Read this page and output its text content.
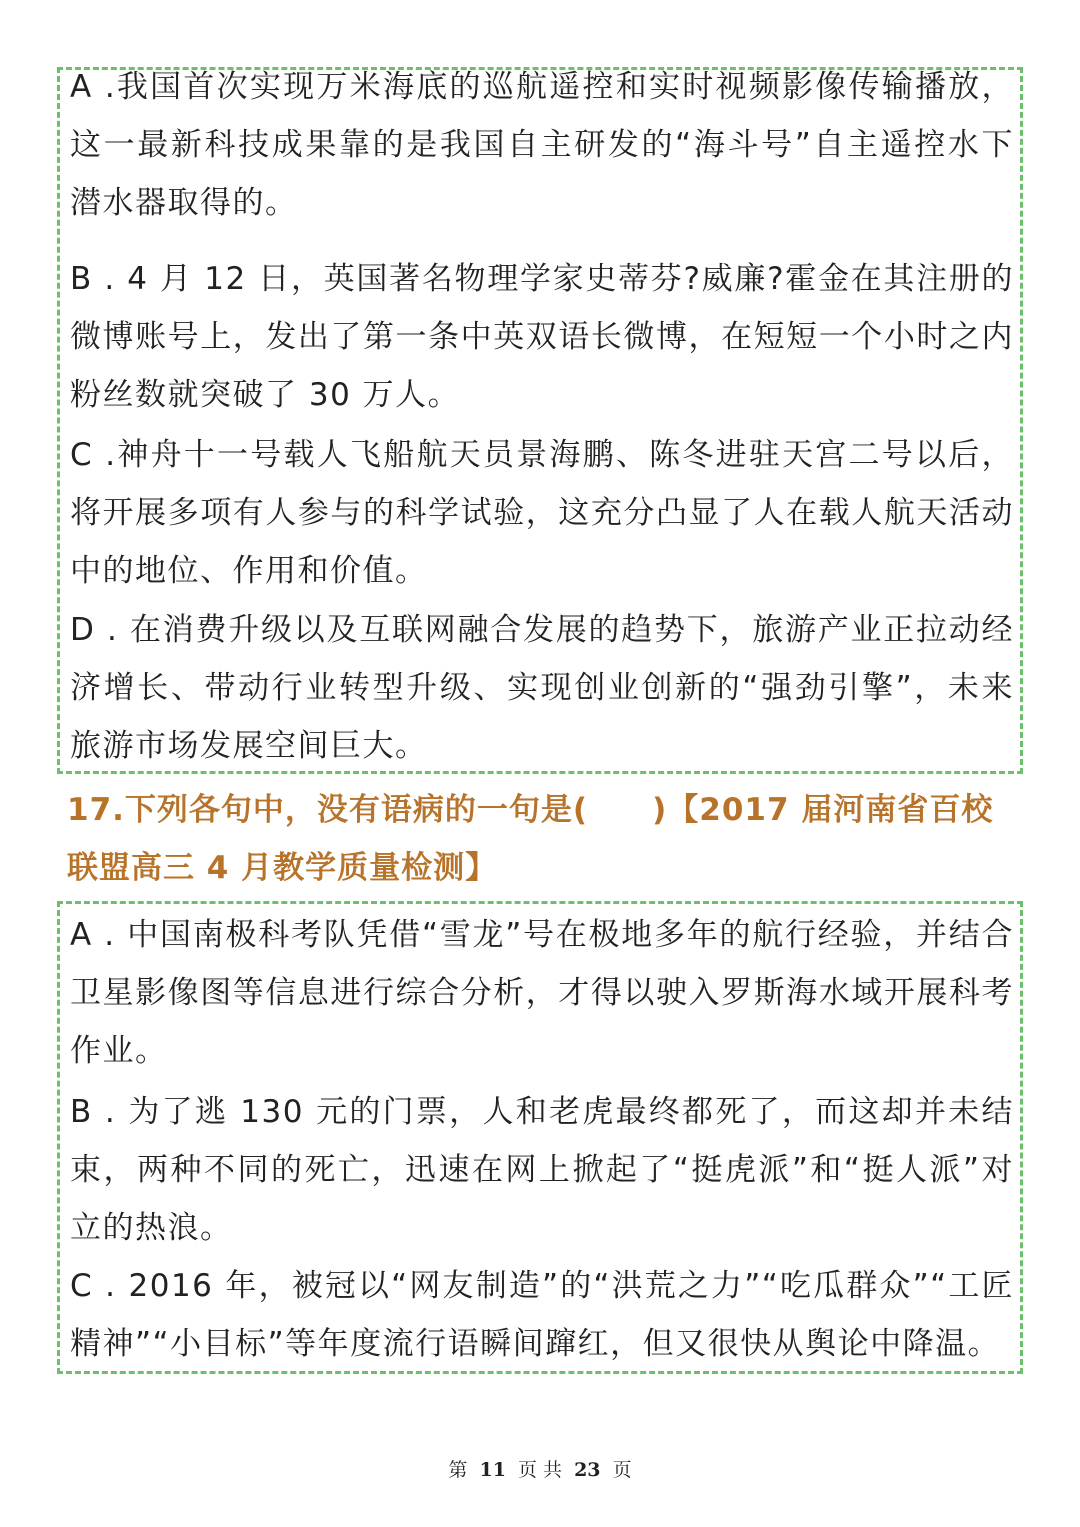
A .我国首次实现万米海底的巡航遥控和实时视频影像传输播放，这一最新科技成果靠的是我国自主研发的“海斗号”自主遥控水下潜水器取得的。
B . 4 月 12 日，英国著名物理学家史蒂芬?威廉?霍金在其注册的微博账号上，发出了第一条中英双语长微博，在短短一个小时之内粉丝数就突破了 30 万人。
C .神舟十一号载人飞船航天员景海鹏、陈冬进驻天宫二号以后，将开展多项有人参与的科学试验，这充分凸显了人在载人航天活动中的地位、作用和价值。
D . 在消费升级以及互联网融合发展的趋势下，旅游产业正拉动经济增长、带动行业转型升级、实现创业创新的“强劲引擎”，未来旅游市场发展空间巨大。
17.下列各句中，没有语病的一句是(　　)【2017 届河南省百校联盟高三 4 月教学质量检测】
A . 中国南极科考队凭借“雪龙”号在极地多年的航行经验，并结合卫星影像图等信息进行综合分析，才得以驶入罗斯海水域开展科考作业。
B . 为了逃 130 元的门票，人和老虎最终都死了，而这却并未结束，两种不同的死亡，迅速在网上掀起了“挺虎派”和“挺人派”对立的热浪。
C . 2016 年，被冠以“网友制造”的“洪荒之力”“吃瓜群众”“工匠精神”“小目标”等年度流行语瞬间蹿红，但又很快从舆论中降温。
第 11 页 共 23 页
